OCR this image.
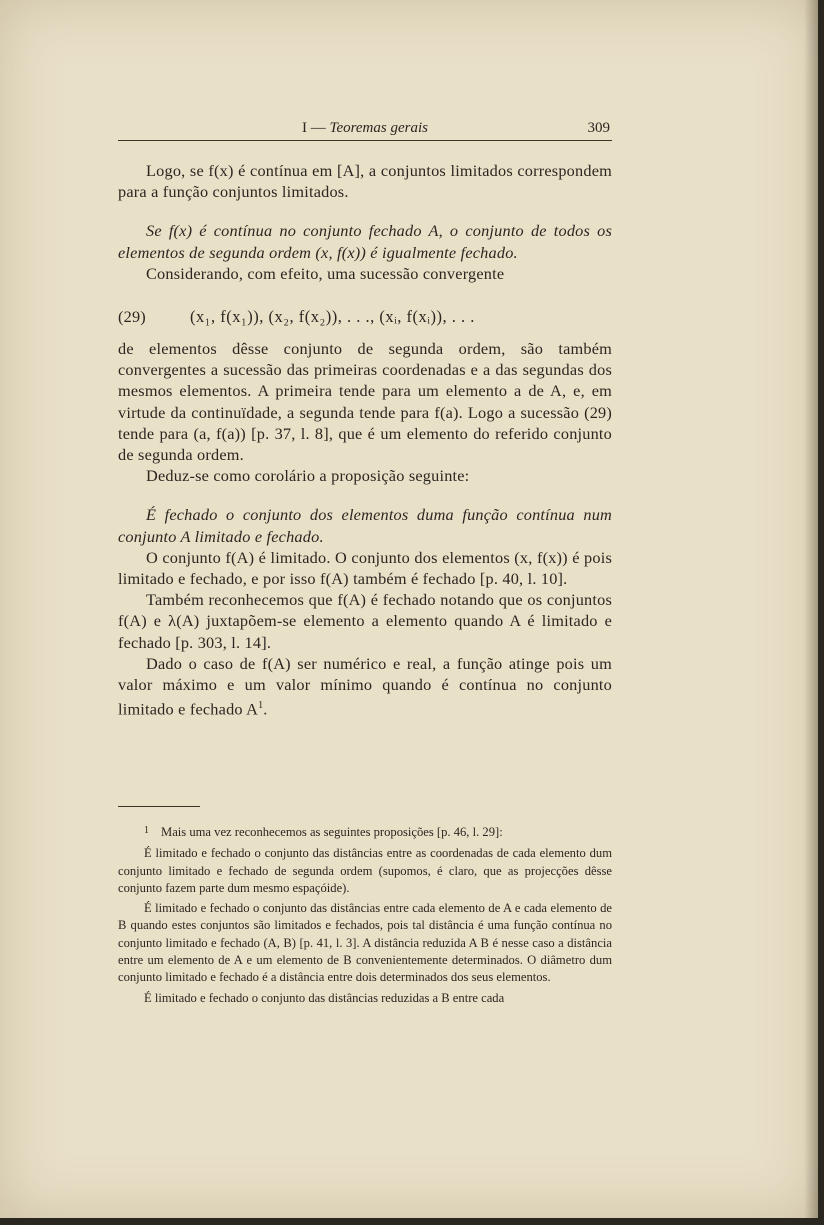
I — Teoremas gerais	309

Logo, se f(x) é contínua em [A], a conjuntos limitados correspondem para a função conjuntos limitados.

Se f(x) é contínua no conjunto fechado A, o conjunto de todos os elementos de segunda ordem (x, f(x)) é igualmente fechado.

Considerando, com efeito, uma sucessão convergente

(29)	(x₁, f(x₁)), (x₂, f(x₂)), . . ., (xᵢ, f(xᵢ)), . . .

de elementos dêsse conjunto de segunda ordem, são também convergentes a sucessão das primeiras coordenadas e a das segundas dos mesmos elementos. A primeira tende para um elemento a de A, e, em virtude da continuïdade, a segunda tende para f(a). Logo a sucessão (29) tende para (a, f(a)) [p. 37, l. 8], que é um elemento do referido conjunto de segunda ordem.

Deduz-se como corolário a proposição seguinte:

É fechado o conjunto dos elementos duma função contínua num conjunto A limitado e fechado.

O conjunto f(A) é limitado. O conjunto dos elementos (x, f(x)) é pois limitado e fechado, e por isso f(A) também é fechado [p. 40, l. 10].

Também reconhecemos que f(A) é fechado notando que os conjuntos f(A) e λ(A) juxtapõem-se elemento a elemento quando A é limitado e fechado [p. 303, l. 14].

Dado o caso de f(A) ser numérico e real, a função atinge pois um valor máximo e um valor mínimo quando é contínua no conjunto limitado e fechado $A^1$.

$^1$ Mais uma vez reconhecemos as seguintes proposições [p. 46, l. 29]:

É limitado e fechado o conjunto das distâncias entre as coordenadas de cada elemento dum conjunto limitado e fechado de segunda ordem (supomos, é claro, que as projecções dêsse conjunto fazem parte dum mesmo espaçóide).

É limitado e fechado o conjunto das distâncias entre cada elemento de A e cada elemento de B quando estes conjuntos são limitados e fechados, pois tal distância é uma função contínua no conjunto limitado e fechado (A, B) [p. 41, l. 3]. A distância reduzida A B é nesse caso a distância entre um elemento de A e um elemento de B convenientemente determinados. O diâmetro dum conjunto limitado e fechado é a distância entre dois determinados dos seus elementos.

É limitado e fechado o conjunto das distâncias reduzidas a B entre cada
